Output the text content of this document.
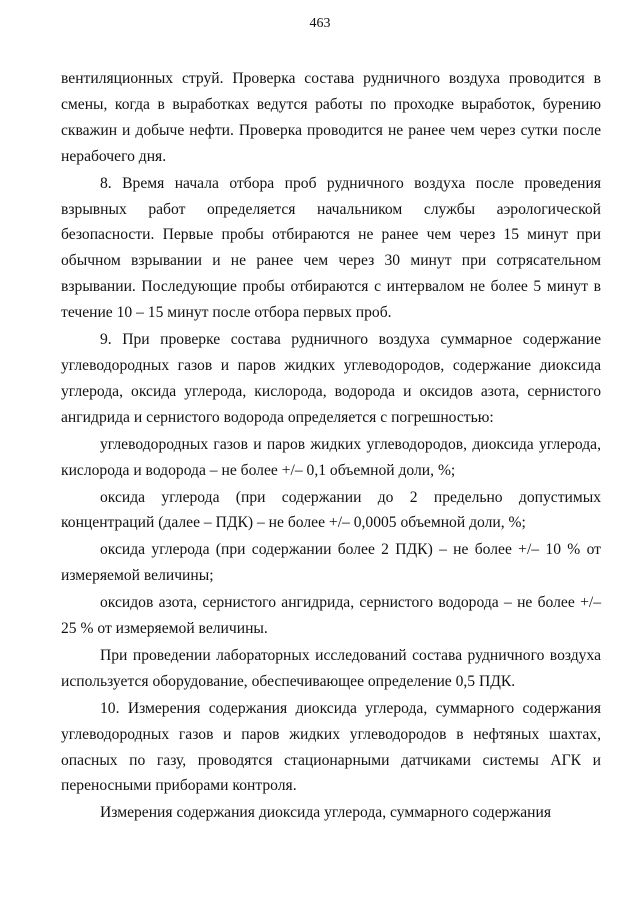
463

вентиляционных струй. Проверка состава рудничного воздуха проводится в смены, когда в выработках ведутся работы по проходке выработок, бурению скважин и добыче нефти. Проверка проводится не ранее чем через сутки после нерабочего дня.

8. Время начала отбора проб рудничного воздуха после проведения взрывных работ определяется начальником службы аэрологической безопасности. Первые пробы отбираются не ранее чем через 15 минут при обычном взрывании и не ранее чем через 30 минут при сотрясательном взрывании. Последующие пробы отбираются с интервалом не более 5 минут в течение 10 – 15 минут после отбора первых проб.

9. При проверке состава рудничного воздуха суммарное содержание углеводородных газов и паров жидких углеводородов, содержание диоксида углерода, оксида углерода, кислорода, водорода и оксидов азота, сернистого ангидрида и сернистого водорода определяется с погрешностью:

углеводородных газов и паров жидких углеводородов, диоксида углерода, кислорода и водорода – не более +/– 0,1 объемной доли, %;

оксида углерода (при содержании до 2 предельно допустимых концентраций (далее – ПДК) – не более +/– 0,0005 объемной доли, %;

оксида углерода (при содержании более 2 ПДК) – не более +/– 10 % от измеряемой величины;

оксидов азота, сернистого ангидрида, сернистого водорода – не более +/– 25 % от измеряемой величины.

При проведении лабораторных исследований состава рудничного воздуха используется оборудование, обеспечивающее определение 0,5 ПДК.

10. Измерения содержания диоксида углерода, суммарного содержания углеводородных газов и паров жидких углеводородов в нефтяных шахтах, опасных по газу, проводятся стационарными датчиками системы АГК и переносными приборами контроля.

Измерения содержания диоксида углерода, суммарного содержания
